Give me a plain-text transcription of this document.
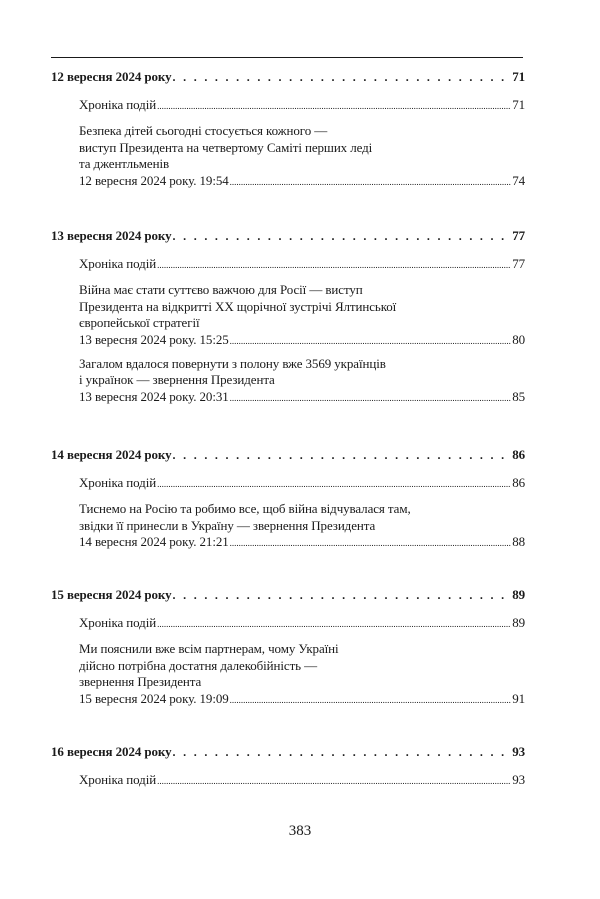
12 вересня 2024 року . . .	71
Хроніка подій .....	71
Безпека дітей сьогодні стосується кожного —
виступ Президента на четвертому Саміті перших леді
та джентльменів
12 вересня 2024 року. 19:54 .....	74
13 вересня 2024 року . . .	77
Хроніка подій .....	77
Війна має стати суттєво важчою для Росії — виступ
Президента на відкритті XX щорічної зустрічі Ялтинської
європейської стратегії
13 вересня 2024 року. 15:25 .....	80
Загалом вдалося повернути з полону вже 3569 українців
і українок — звернення Президента
13 вересня 2024 року. 20:31 .....	85
14 вересня 2024 року . . .	86
Хроніка подій .....	86
Тиснемо на Росію та робимо все, щоб війна відчувалася там,
звідки її принесли в Україну — звернення Президента
14 вересня 2024 року. 21:21 .....	88
15 вересня 2024 року . . .	89
Хроніка подій .....	89
Ми пояснили вже всім партнерам, чому Україні
дійсно потрібна достатня далекобійність —
звернення Президента
15 вересня 2024 року. 19:09 .....	91
16 вересня 2024 року . . .	93
Хроніка подій .....	93
383
